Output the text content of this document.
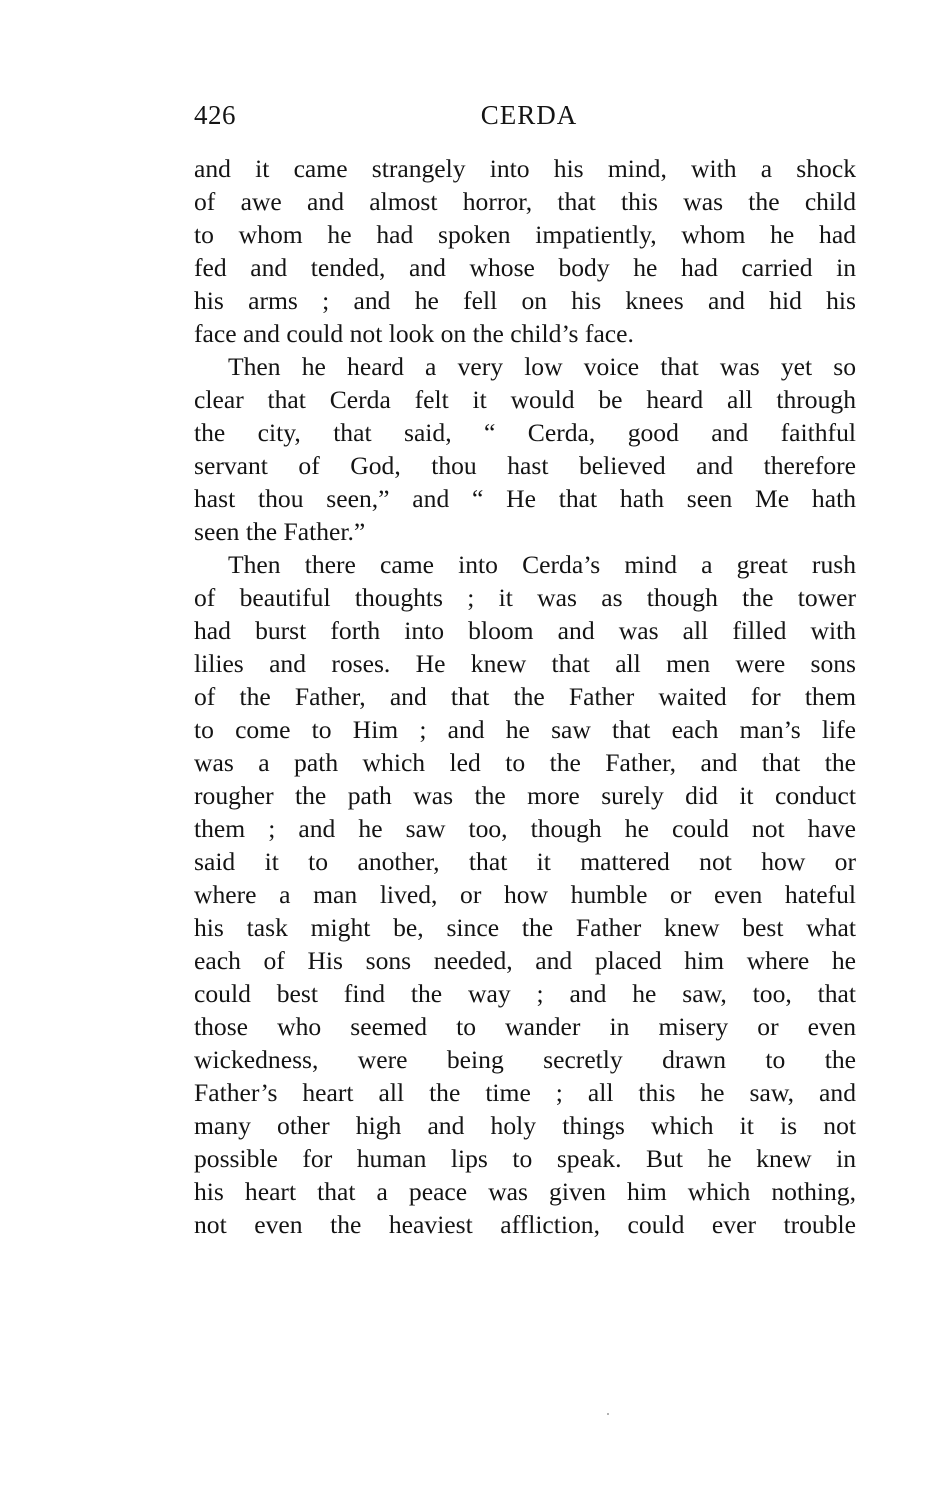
426	CERDA
and it came strangely into his mind, with a shock
of awe and almost horror, that this was the child
to whom he had spoken impatiently, whom he had
fed and tended, and whose body he had carried in
his arms ; and he fell on his knees and hid his
face and could not look on the child’s face.
Then he heard a very low voice that was yet so
clear that Cerda felt it would be heard all through
the city, that said, “ Cerda, good and faithful
servant of God, thou hast believed and therefore
hast thou seen,” and “ He that hath seen Me hath
seen the Father.”
Then there came into Cerda’s mind a great rush
of beautiful thoughts ; it was as though the tower
had burst forth into bloom and was all filled with
lilies and roses. He knew that all men were sons
of the Father, and that the Father waited for them
to come to Him ; and he saw that each man’s life
was a path which led to the Father, and that the
rougher the path was the more surely did it conduct
them ; and he saw too, though he could not have
said it to another, that it mattered not how or
where a man lived, or how humble or even hateful
his task might be, since the Father knew best what
each of His sons needed, and placed him where he
could best find the way ; and he saw, too, that
those who seemed to wander in misery or even
wickedness, were being secretly drawn to the
Father’s heart all the time ; all this he saw, and
many other high and holy things which it is not
possible for human lips to speak. But he knew in
his heart that a peace was given him which nothing,
not even the heaviest affliction, could ever trouble
